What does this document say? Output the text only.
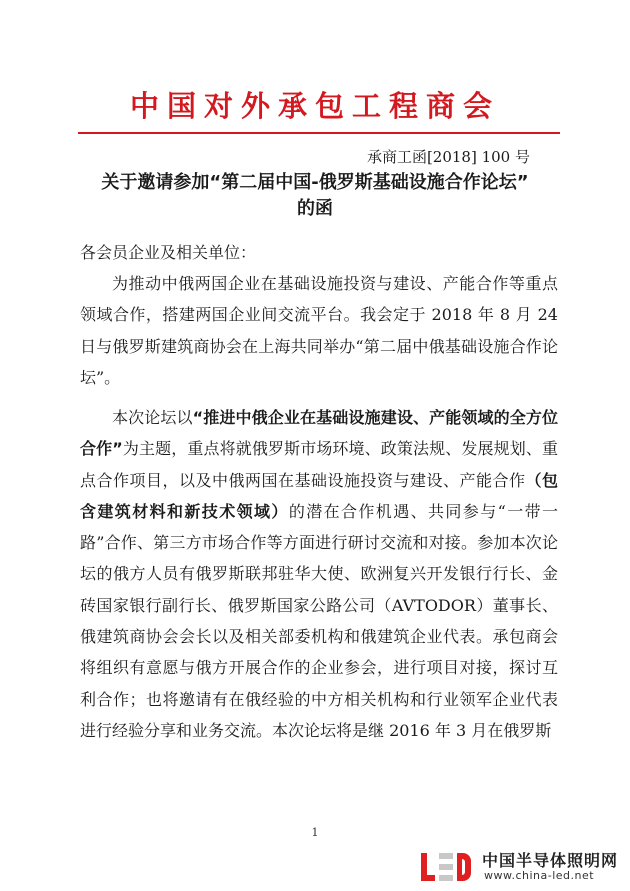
中国对外承包工程商会
承商工函[2018] 100 号
关于邀请参加“第二届中国-俄罗斯基础设施合作论坛”
的函
各会员企业及相关单位：

为推动中俄两国企业在基础设施投资与建设、产能合作等重点领域合作，搭建两国企业间交流平台。我会定于 2018 年 8 月 24 日与俄罗斯建筑商协会在上海共同举办“第二届中俄基础设施合作论坛”。

本次论坛以“推进中俄企业在基础设施建设、产能领域的全方位合作”为主题，重点将就俄罗斯市场环境、政策法规、发展规划、重点合作项目，以及中俄两国在基础设施投资与建设、产能合作（包含建筑材料和新技术领域）的潜在合作机遇、共同参与“一带一路”合作、第三方市场合作等方面进行研讨交流和对接。参加本次论坛的俄方人员有俄罗斯联邦驻华大使、欧洲复兴开发银行行长、金砖国家银行副行长、俄罗斯国家公路公司（AVTODOR）董事长、俄建筑商协会会长以及相关部委机构和俄建筑企业代表。承包商会将组织有意愿与俄方开展合作的企业参会，进行项目对接，探讨互利合作；也将邀请有在俄经验的中方相关机构和行业领军企业代表进行经验分享和业务交流。本次论坛将是继 2016 年 3 月在俄罗斯

1
中国半导体照明网
www.china-led.net
